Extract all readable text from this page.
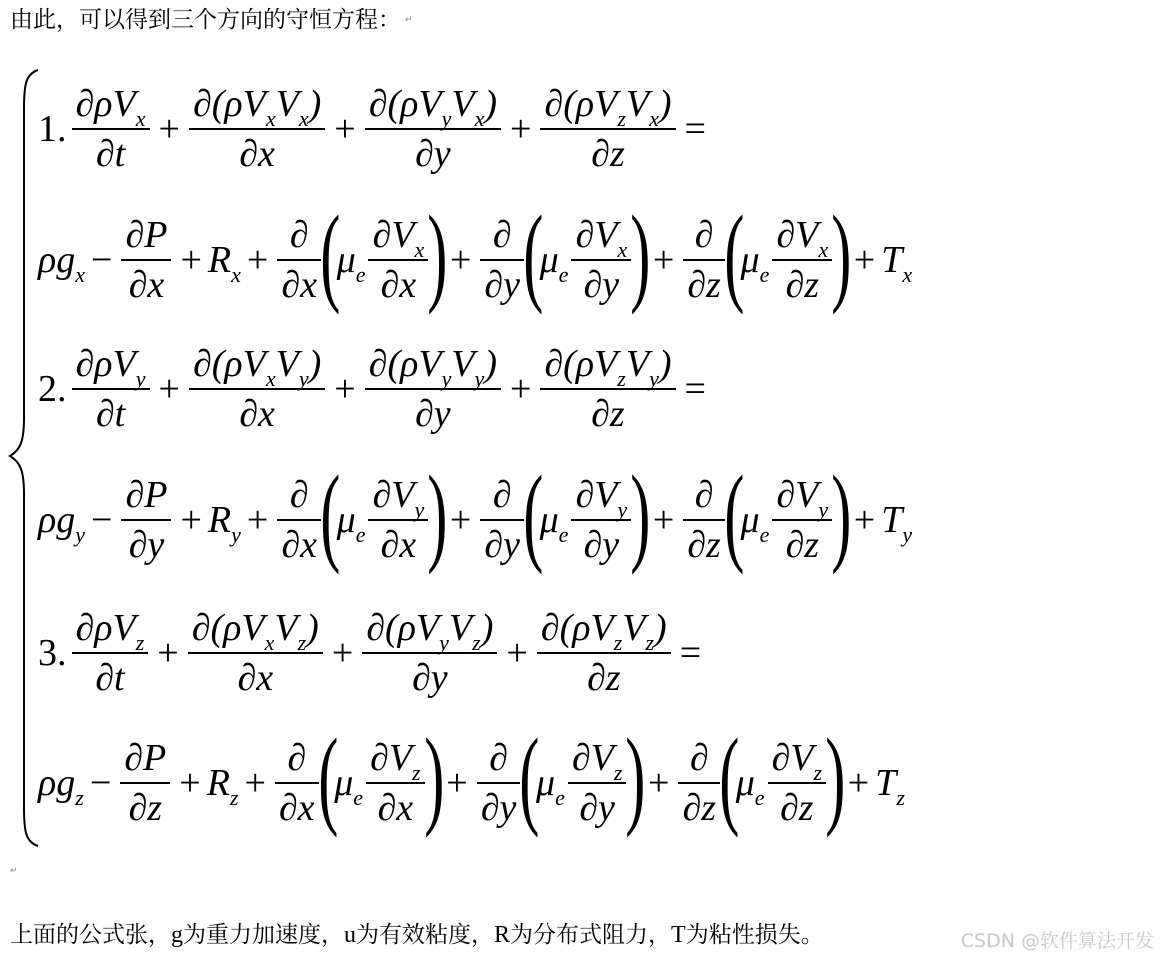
由此，可以得到三个方向的守恒方程： ↵
1. $\frac{\partial\rho V_x}{\partial t} + \frac{\partial(\rho V_xV_x)}{\partial x} + \frac{\partial(\rho V_yV_x)}{\partial y} + \frac{\partial(\rho V_zV_x)}{\partial z}$ =
$\rho g_x - \frac{\partial P}{\partial x} + R_x + \frac{\partial}{\partial x}$ (
$\mu_e \frac{\partial V_x}{\partial x}$ ) + $\frac{\partial}{\partial y}$ (
$\mu_e \frac{\partial V_x}{\partial y}$ ) + $\frac{\partial}{\partial z}$ (
$\mu_e \frac{\partial V_x}{\partial z}$ ) + $T_x$
2. $\frac{\partial\rho V_y}{\partial t} + \frac{\partial(\rho V_xV_y)}{\partial x} + \frac{\partial(\rho V_yV_y)}{\partial y} + \frac{\partial(\rho V_zV_y)}{\partial z}$ =
$\rho g_y - \frac{\partial P}{\partial y} + R_y + \frac{\partial}{\partial x}$ (
$\mu_e \frac{\partial V_y}{\partial x}$ ) + $\frac{\partial}{\partial y}$ (
$\mu_e \frac{\partial V_y}{\partial y}$ ) + $\frac{\partial}{\partial z}$ (
$\mu_e \frac{\partial V_y}{\partial z}$ ) + $T_y$
3. $\frac{\partial\rho V_z}{\partial t} + \frac{\partial(\rho V_xV_z)}{\partial x} + \frac{\partial(\rho V_yV_z)}{\partial y} + \frac{\partial(\rho V_zV_z)}{\partial z}$ =
$\rho g_z - \frac{\partial P}{\partial z} + R_z + \frac{\partial}{\partial x}$ (
$\mu_e \frac{\partial V_z}{\partial x}$ ) + $\frac{\partial}{\partial y}$ (
$\mu_e \frac{\partial V_z}{\partial y}$ ) + $\frac{\partial}{\partial z}$ (
$\mu_e \frac{\partial V_z}{\partial z}$ ) + $T_z$
↵
上面的公式张，g为重力加速度，u为有效粘度，R为分布式阻力，T为粘性损失。	CSDN @软件算法开发
